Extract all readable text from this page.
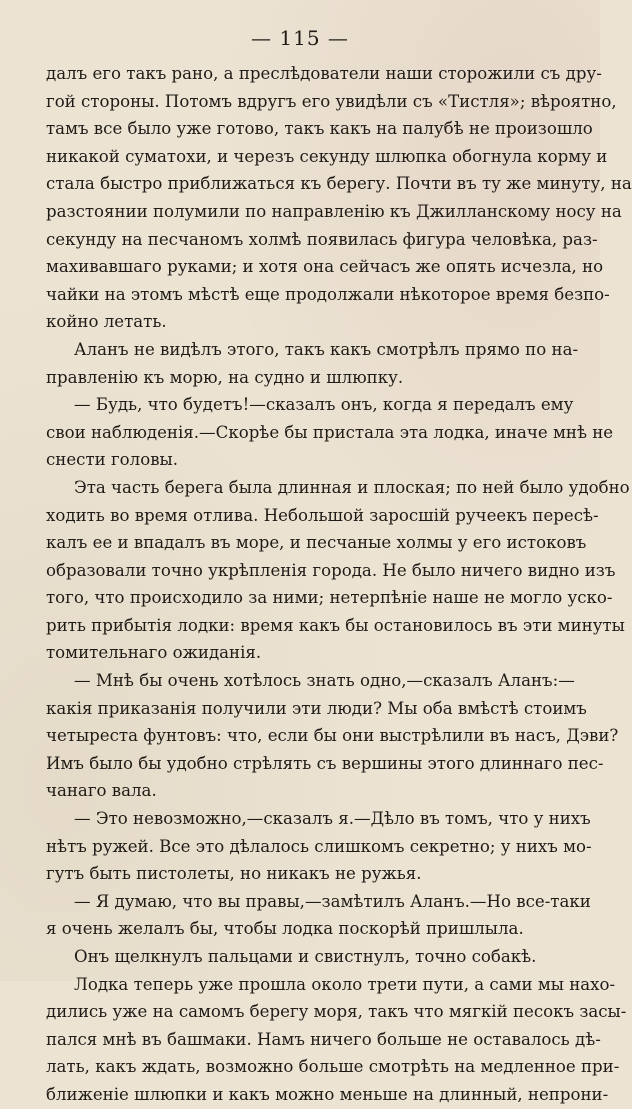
— 115 —
далъ его такъ рано, а преслѣдователи наши сторожили съ дру-
гой стороны. Потомъ вдругъ его увидѣли съ «Тистля»; вѣроятно,
тамъ все было уже готово, такъ какъ на палубѣ не произошло
никакой суматохи, и черезъ секунду шлюпка обогнула корму и
стала быстро приближаться къ берегу. Почти въ ту же минуту, на
разстоянии полумили по направленію къ Джилланскому носу на
секунду на песчаномъ холмѣ появилась фигура человѣка, раз-
махивавшаго руками; и хотя она сейчасъ же опять исчезла, но
чайки на этомъ мѣстѣ еще продолжали нѣкоторое время безпо-
койно летать.
Аланъ не видѣлъ этого, такъ какъ смотрѣлъ прямо по на-
правленію къ морю, на судно и шлюпку.
— Будь, что будетъ!—сказалъ онъ, когда я передалъ ему
свои наблюденія.—Скорѣе бы пристала эта лодка, иначе мнѣ не
снести головы.
Эта часть берега была длинная и плоская; по ней было удобно
ходить во время отлива. Небольшой заросшій ручеекъ пересѣ-
калъ ее и впадалъ въ море, и песчаные холмы у его истоковъ
образовали точно укрѣпленія города. Не было ничего видно изъ
того, что происходило за ними; нетерпѣніе наше не могло уско-
рить прибытія лодки: время какъ бы остановилось въ эти минуты
томительнаго ожиданія.
— Мнѣ бы очень хотѣлось знать одно,—сказалъ Аланъ:—
какія приказанія получили эти люди? Мы оба вмѣстѣ стоимъ
четыреста фунтовъ: что, если бы они выстрѣлили въ насъ, Дэви?
Имъ было бы удобно стрѣлять съ вершины этого длиннаго пес-
чанаго вала.
— Это невозможно,—сказалъ я.—Дѣло въ томъ, что у нихъ
нѣтъ ружей. Все это дѣлалось слишкомъ секретно; у нихъ мо-
гутъ быть пистолеты, но никакъ не ружья.
— Я думаю, что вы правы,—замѣтилъ Аланъ.—Но все-таки
я очень желалъ бы, чтобы лодка поскорѣй пришлыла.
Онъ щелкнулъ пальцами и свистнулъ, точно собакѣ.
Лодка теперь уже прошла около трети пути, а сами мы нахо-
дились уже на самомъ берегу моря, такъ что мягкій песокъ засы-
пался мнѣ въ башмаки. Намъ ничего больше не оставалось дѣ-
лать, какъ ждать, возможно больше смотрѣть на медленное при-
ближеніе шлюпки и какъ можно меньше на длинный, непрони-
